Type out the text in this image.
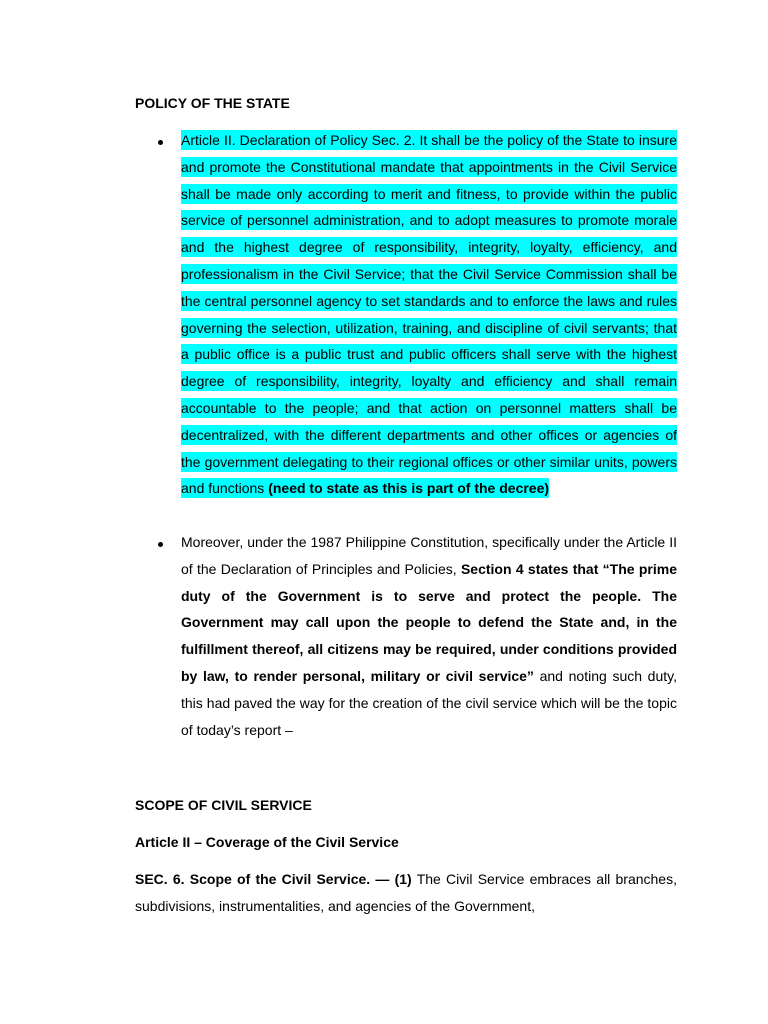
POLICY OF THE STATE
Article II. Declaration of Policy Sec. 2. It shall be the policy of the State to insure and promote the Constitutional mandate that appointments in the Civil Service shall be made only according to merit and fitness, to provide within the public service of personnel administration, and to adopt measures to promote morale and the highest degree of responsibility, integrity, loyalty, efficiency, and professionalism in the Civil Service; that the Civil Service Commission shall be the central personnel agency to set standards and to enforce the laws and rules governing the selection, utilization, training, and discipline of civil servants; that a public office is a public trust and public officers shall serve with the highest degree of responsibility, integrity, loyalty and efficiency and shall remain accountable to the people; and that action on personnel matters shall be decentralized, with the different departments and other offices or agencies of the government delegating to their regional offices or other similar units, powers and functions (need to state as this is part of the decree)
Moreover, under the 1987 Philippine Constitution, specifically under the Article II of the Declaration of Principles and Policies, Section 4 states that “The prime duty of the Government is to serve and protect the people. The Government may call upon the people to defend the State and, in the fulfillment thereof, all citizens may be required, under conditions provided by law, to render personal, military or civil service” and noting such duty, this had paved the way for the creation of the civil service which will be the topic of today’s report –
SCOPE OF CIVIL SERVICE
Article II – Coverage of the Civil Service
SEC. 6. Scope of the Civil Service. — (1) The Civil Service embraces all branches, subdivisions, instrumentalities, and agencies of the Government,
